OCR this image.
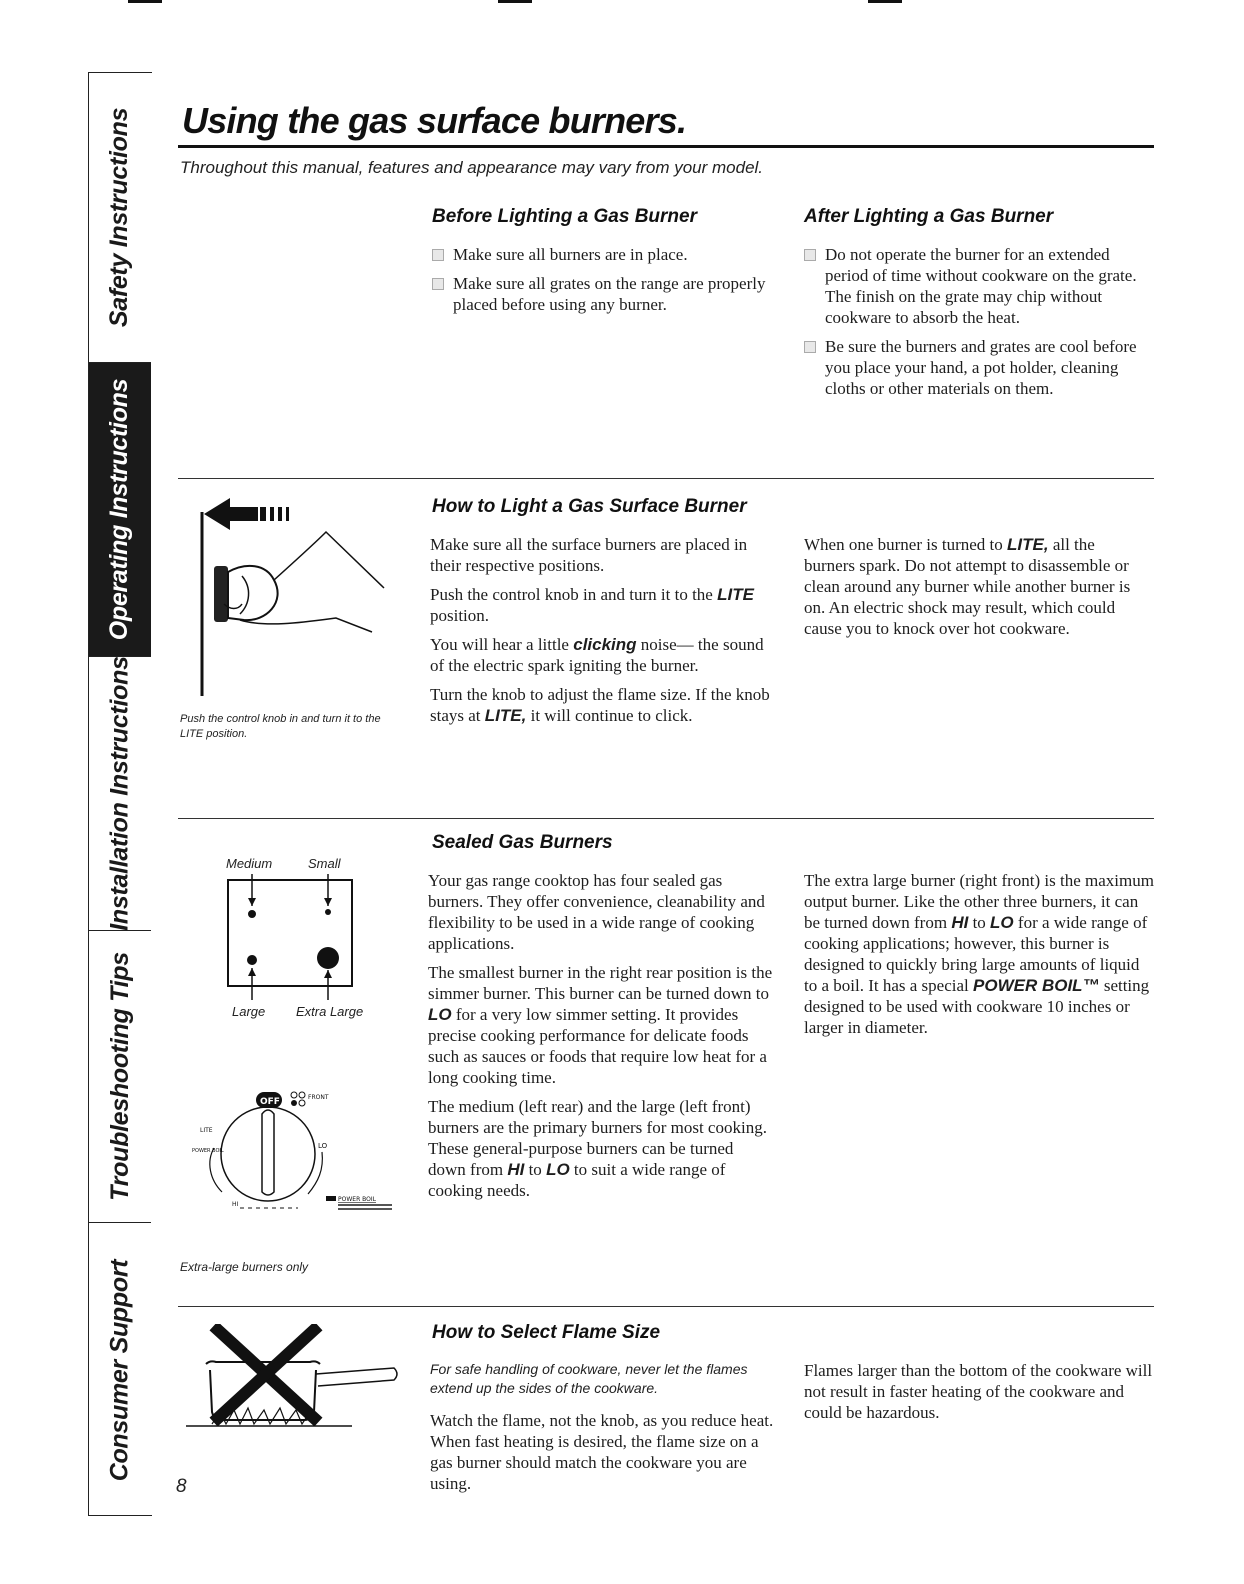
Safety Instructions
Operating Instructions
Installation Instructions
Troubleshooting Tips
Consumer Support
Using the gas surface burners.
Throughout this manual, features and appearance may vary from your model.
Before Lighting a Gas Burner
Make sure all burners are in place.
Make sure all grates on the range are properly placed before using any burner.
After Lighting a Gas Burner
Do not operate the burner for an extended period of time without cookware on the grate. The finish on the grate may chip without cookware to absorb the heat.
Be sure the burners and grates are cool before you place your hand, a pot holder, cleaning cloths or other materials on them.
Push the control knob in and turn it to the LITE position.
How to Light a Gas Surface Burner

Make sure all the surface burners are placed in their respective positions.

Push the control knob in and turn it to the LITE position.

You will hear a little clicking noise— the sound of the electric spark igniting the burner.

Turn the knob to adjust the flame size. If the knob stays at LITE, it will continue to click.

When one burner is turned to LITE, all the burners spark. Do not attempt to disassemble or clean around any burner while another burner is on. An electric shock may result, which could cause you to knock over hot cookware.

Medium	Small
Large Extra Large
OFF	FRONT
LITE
POWER BOIL
LO
HI
POWER BOIL
Extra-large burners only
Sealed Gas Burners

Your gas range cooktop has four sealed gas burners. They offer convenience, cleanability and flexibility to be used in a wide range of cooking applications.

The smallest burner in the right rear position is the simmer burner. This burner can be turned down to LO for a very low simmer setting. It provides precise cooking performance for delicate foods such as sauces or foods that require low heat for a long cooking time.

The medium (left rear) and the large (left front) burners are the primary burners for most cooking. These general-purpose burners can be turned down from HI to LO to suit a wide range of cooking needs.

The extra large burner (right front) is the maximum output burner. Like the other three burners, it can be turned down from HI to LO for a wide range of cooking applications; however, this burner is designed to quickly bring large amounts of liquid to a boil. It has a special POWER BOIL™ setting designed to be used with cookware 10 inches or larger in diameter.

How to Select Flame Size

For safe handling of cookware, never let the flames extend up the sides of the cookware.

Watch the flame, not the knob, as you reduce heat. When fast heating is desired, the flame size on a gas burner should match the cookware you are using.

Flames larger than the bottom of the cookware will not result in faster heating of the cookware and could be hazardous.

8
